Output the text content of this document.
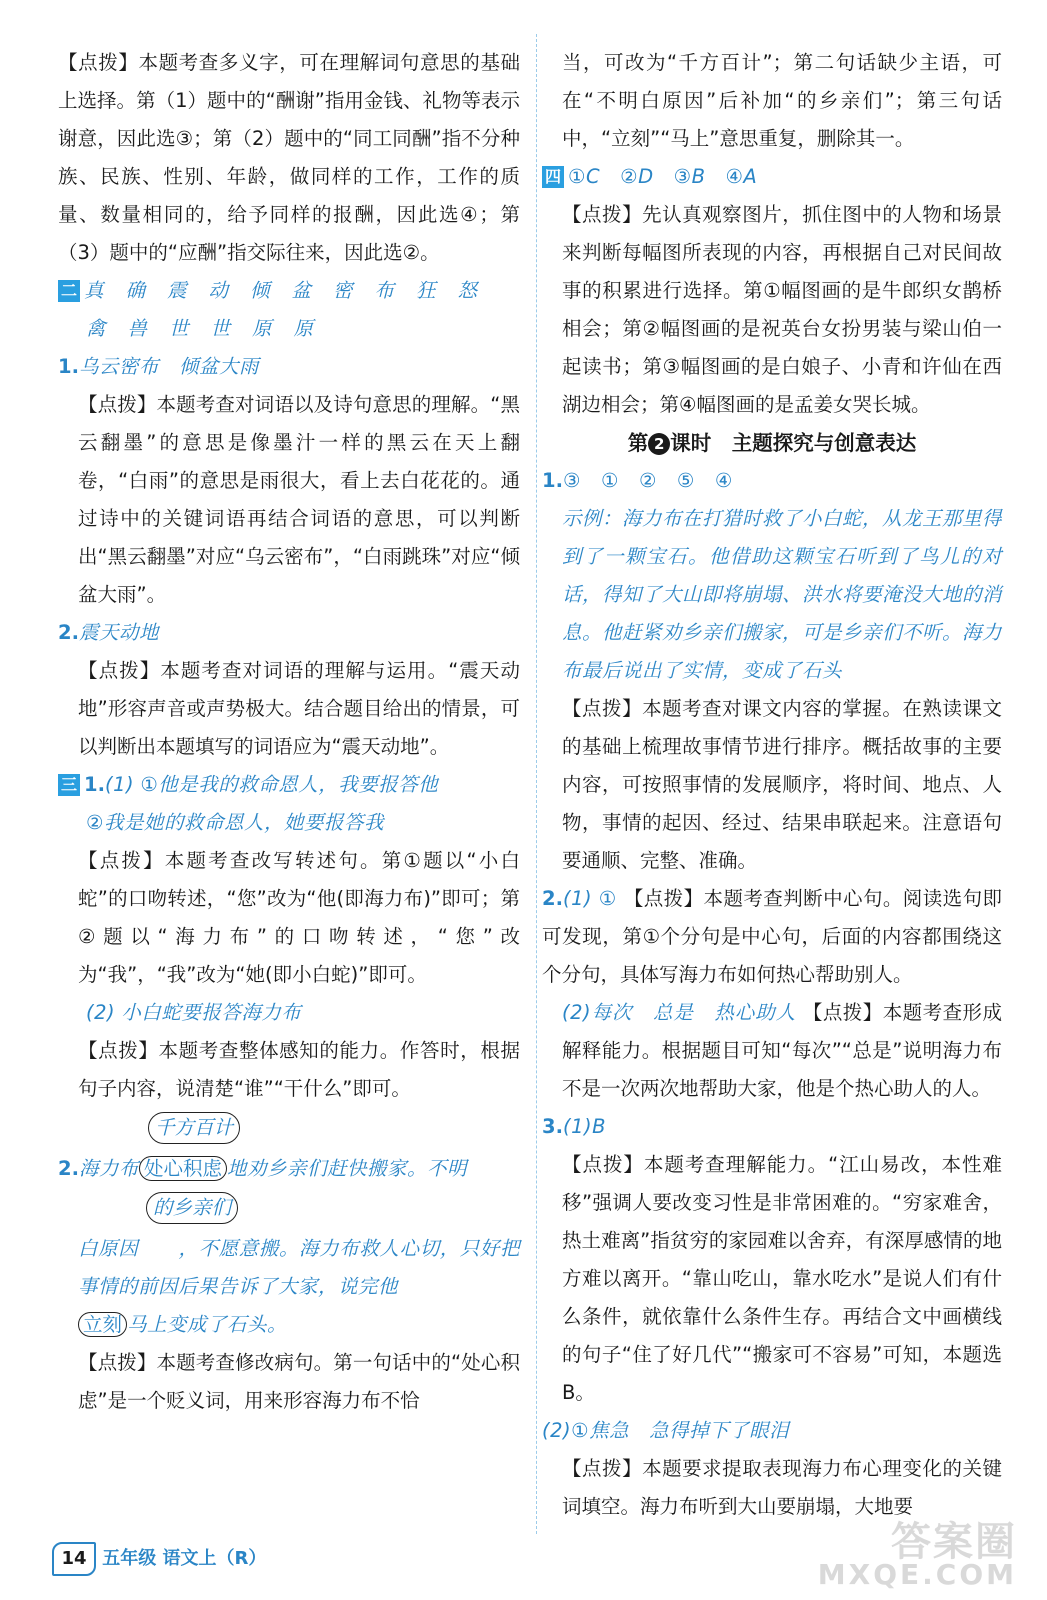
【点拨】本题考查多义字，可在理解词句意思的基础上选择。第（1）题中的“酬谢”指用金钱、礼物等表示谢意，因此选③；第（2）题中的“同工同酬”指不分种族、民族、性别、年龄，做同样的工作，工作的质量、数量相同的，给予同样的报酬，因此选④；第（3）题中的“应酬”指交际往来，因此选②。

二 真确震动倾盆密布狂怒

禽兽世世原原

1.乌云密布　倾盆大雨

【点拨】本题考查对词语以及诗句意思的理解。“黑云翻墨”的意思是像墨汁一样的黑云在天上翻卷，“白雨”的意思是雨很大，看上去白花花的。通过诗中的关键词语再结合词语的意思，可以判断出“黑云翻墨”对应“乌云密布”，“白雨跳珠”对应“倾盆大雨”。

2.震天动地

【点拨】本题考查对词语的理解与运用。“震天动地”形容声音或声势极大。结合题目给出的情景，可以判断出本题填写的词语应为“震天动地”。

三 1.(1) ①他是我的救命恩人，我要报答他

②我是她的救命恩人，她要报答我

【点拨】本题考查改写转述句。第①题以“小白蛇”的口吻转述，“您”改为“他(即海力布)”即可；第②题以“海力布”的口吻转述，“您”改为“我”，“我”改为“她(即小白蛇)”即可。

(2) 小白蛇要报答海力布

【点拨】本题考查整体感知的能力。作答时，根据句子内容，说清楚“谁”“干什么”即可。

千方百计

2.海力布 处心积虑 地劝乡亲们赶快搬家。不明

的乡亲们

白原因　　，不愿意搬。海力布救人心切，只好把事情的前因后果告诉了大家，说完他

立刻 马上变成了石头。

【点拨】本题考查修改病句。第一句话中的“处心积虑”是一个贬义词，用来形容海力布不恰

当，可改为“千方百计”；第二句话缺少主语，可在“不明白原因”后补加“的乡亲们”；第三句话中，“立刻”“马上”意思重复，删除其一。

四 ①C　②D　③B　④A

【点拨】先认真观察图片，抓住图中的人物和场景来判断每幅图所表现的内容，再根据自己对民间故事的积累进行选择。第①幅图画的是牛郎织女鹊桥相会；第②幅图画的是祝英台女扮男装与梁山伯一起读书；第③幅图画的是白娘子、小青和许仙在西湖边相会；第④幅图画的是孟姜女哭长城。

第 2 课时　主题探究与创意表达

1.③　①　②　⑤　④

示例：海力布在打猎时救了小白蛇，从龙王那里得到了一颗宝石。他借助这颗宝石听到了鸟儿的对话，得知了大山即将崩塌、洪水将要淹没大地的消息。他赶紧劝乡亲们搬家，可是乡亲们不听。海力布最后说出了实情，变成了石头

【点拨】本题考查对课文内容的掌握。在熟读课文的基础上梳理故事情节进行排序。概括故事的主要内容，可按照事情的发展顺序，将时间、地点、人物，事情的起因、经过、结果串联起来。注意语句要通顺、完整、准确。

2.(1) ① 【点拨】本题考查判断中心句。阅读选句即可发现，第①个分句是中心句，后面的内容都围绕这个分句，具体写海力布如何热心帮助别人。

(2)每次　总是　热心助人 【点拨】本题考查形成解释能力。根据题目可知“每次”“总是”说明海力布不是一次两次地帮助大家，他是个热心助人的人。

3.(1)B

【点拨】本题考查理解能力。“江山易改，本性难移”强调人要改变习性是非常困难的。“穷家难舍，热土难离”指贫穷的家园难以舍弃，有深厚感情的地方难以离开。“靠山吃山，靠水吃水”是说人们有什么条件，就依靠什么条件生存。再结合文中画横线的句子“住了好几代”“搬家可不容易”可知，本题选B。

(2)①焦急　急得掉下了眼泪

【点拨】本题要求提取表现海力布心理变化的关键词填空。海力布听到大山要崩塌，大地要

14 五年级 语文上（R）	答案圈
MXQE.COM
